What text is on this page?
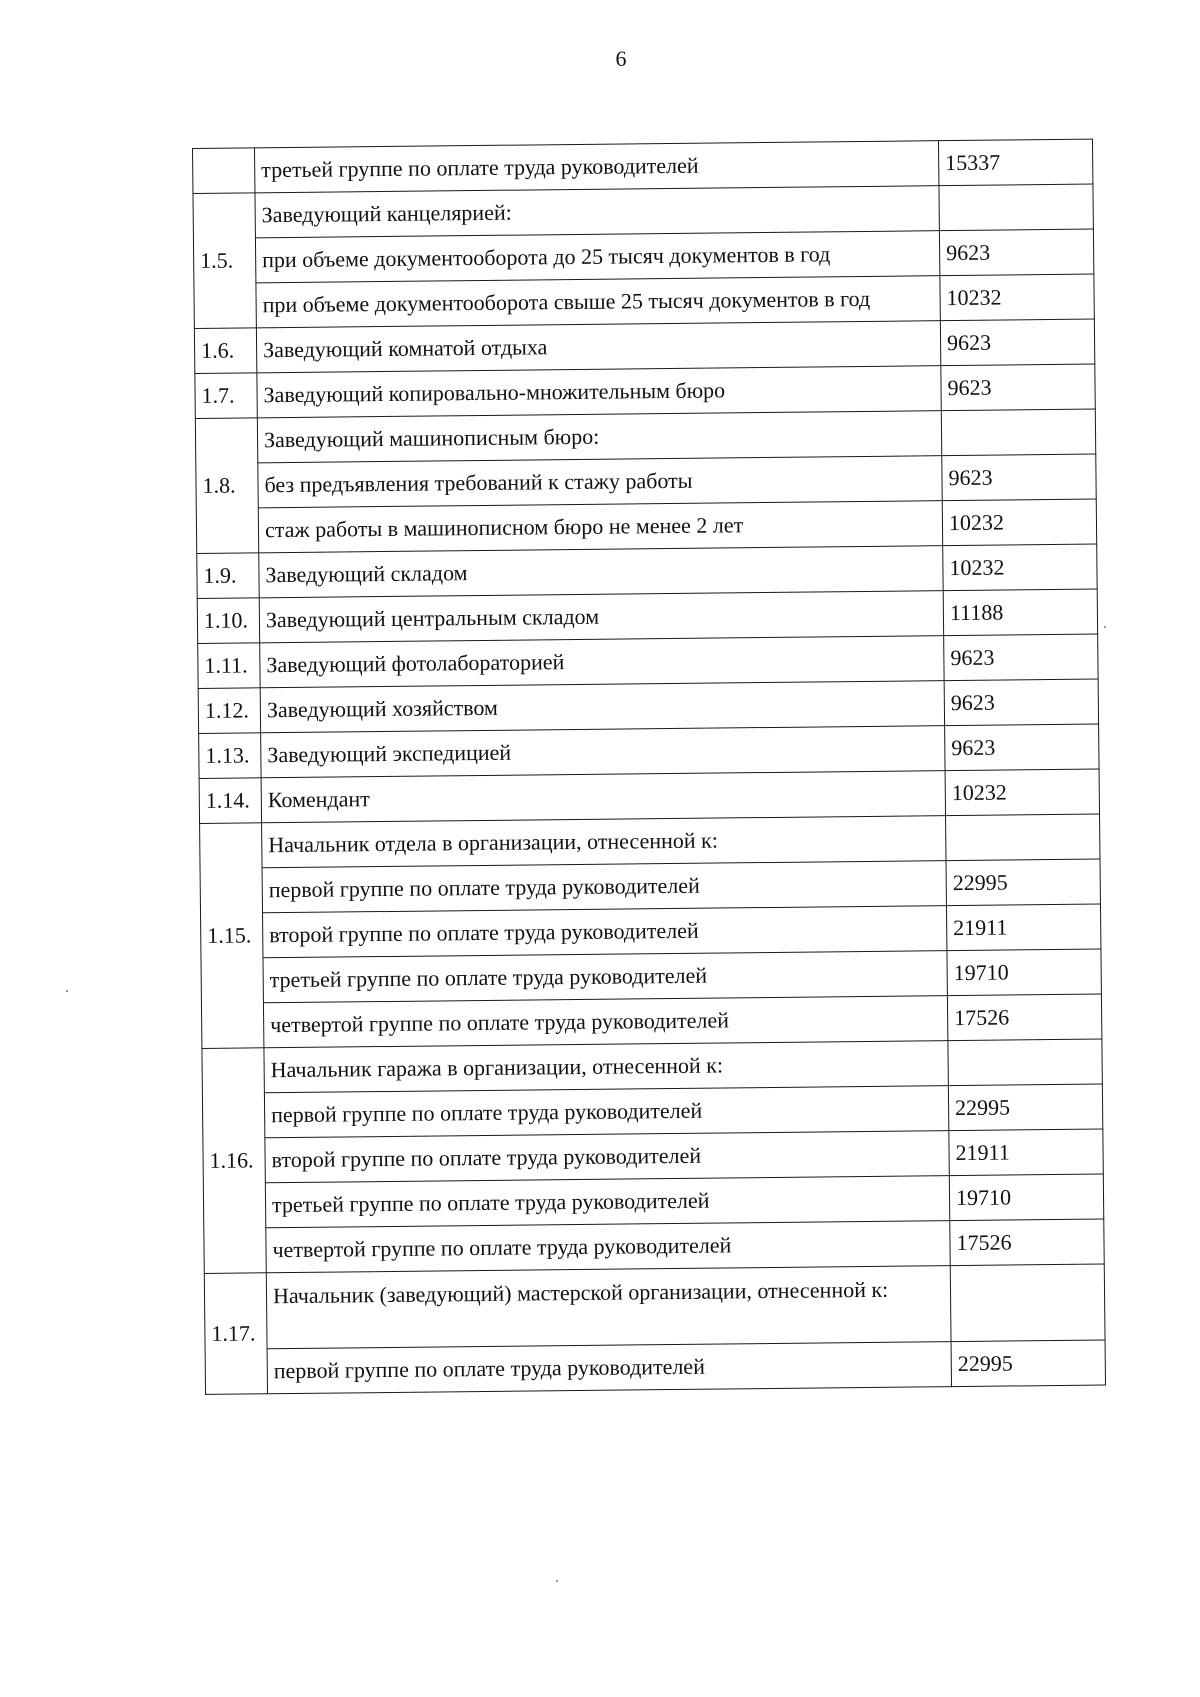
6
	третьей группе по оплате труда руководителей	15337
1.5.	Заведующий канцелярией:	
	при объеме документооборота до 25 тысяч документов в год	9623
	при объеме документооборота свыше 25 тысяч документов в год	10232
1.6.	Заведующий комнатой отдыха	9623
1.7.	Заведующий копировально-множительным бюро	9623
1.8.	Заведующий машинописным бюро:	
	без предъявления требований к стажу работы	9623
	стаж работы в машинописном бюро не менее 2 лет	10232
1.9.	Заведующий складом	10232
1.10.	Заведующий центральным складом	11188
1.11.	Заведующий фотолабораторией	9623
1.12.	Заведующий хозяйством	9623
1.13.	Заведующий экспедицией	9623
1.14.	Комендант	10232
1.15.	Начальник отдела в организации, отнесенной к:	
	первой группе по оплате труда руководителей	22995
	второй группе по оплате труда руководителей	21911
	третьей группе по оплате труда руководителей	19710
	четвертой группе по оплате труда руководителей	17526
1.16.	Начальник гаража в организации, отнесенной к:	
	первой группе по оплате труда руководителей	22995
	второй группе по оплате труда руководителей	21911
	третьей группе по оплате труда руководителей	19710
	четвертой группе по оплате труда руководителей	17526
1.17.	Начальник (заведующий) мастерской организации, отнесенной к:	
	первой группе по оплате труда руководителей	22995
